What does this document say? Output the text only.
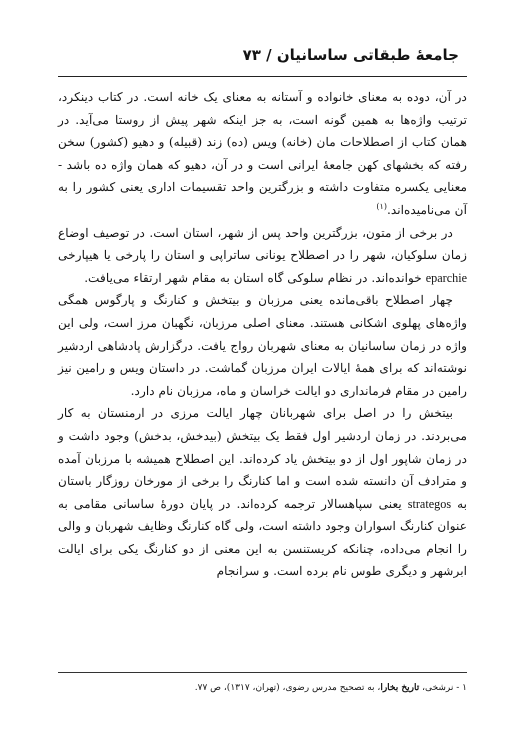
جامعهٔ طبقاتی ساسانیان / ۷۳

در آن، دوده به معنای خانواده و آستانه به معنای یک خانه است. در کتاب دینکرد، ترتیب واژه‌ها به همین گونه است، به جز اینکه شهر پیش از روستا می‌آید. در همان کتاب از اصطلاحات مان (خانه) ویس (ده) زند (قبیله) و دهیو (کشور) سخن رفته که بخشهای کهن جامعهٔ ایرانی است و در آن، دهیو که همان واژه ده باشد - معنایی یکسره متفاوت داشته و بزرگترین واحد تقسیمات اداری یعنی کشور را به آن می‌نامیده‌اند.$^{(۱)}$

در برخی از متون، بزرگترین واحد پس از شهر، استان است. در توصیف اوضاع زمان سلوکیان، شهر را در اصطلاح یونانی ساتراپی و استان را پارخی یا هیپارخی eparchie خوانده‌اند. در نظام سلوکی گاه استان به مقام شهر ارتقاء می‌یافت.

چهار اصطلاح باقی‌مانده یعنی مرزبان و بیتخش و کنارنگ و پارگوس همگی واژه‌های پهلوی اشکانی هستند. معنای اصلی مرزبان، نگهبان مرز است، ولی این واژه در زمان ساسانیان به معنای شهربان رواج یافت. درگزارش پادشاهی اردشیر نوشته‌اند که برای همهٔ ایالات ایران مرزبان گماشت. در داستان ویس و رامین نیز رامین در مقام فرمانداری دو ایالت خراسان و ماه، مرزبان نام دارد.

بیتخش را در اصل برای شهربانان چهار ایالت مرزی در ارمنستان به کار می‌بردند. در زمان اردشیر اول فقط یک بیتخش (بیدخش، بدخش) وجود داشت و در زمان شاپور اول از دو بیتخش یاد کرده‌اند. این اصطلاح همیشه با مرزبان آمده و مترادف آن دانسته شده است و اما کنارنگ را برخی از مورخان روزگار باستان به strategos یعنی سپاهسالار ترجمه کرده‌اند. در پایان دورهٔ ساسانی مقامی به عنوان کنارنگ اسواران وجود داشته است، ولی گاه کنارنگ وظایف شهربان و والی را انجام می‌داده، چنانکه کریستنسن به این معنی از دو کنارنگ یکی برای ایالت ابرشهر و دیگری طوس نام برده است. و سرانجام

۱ - نرشخی، تاریخ بخارا، به تصحیح مدرس رضوی، (تهران، ۱۳۱۷)، ص ۷۷.
